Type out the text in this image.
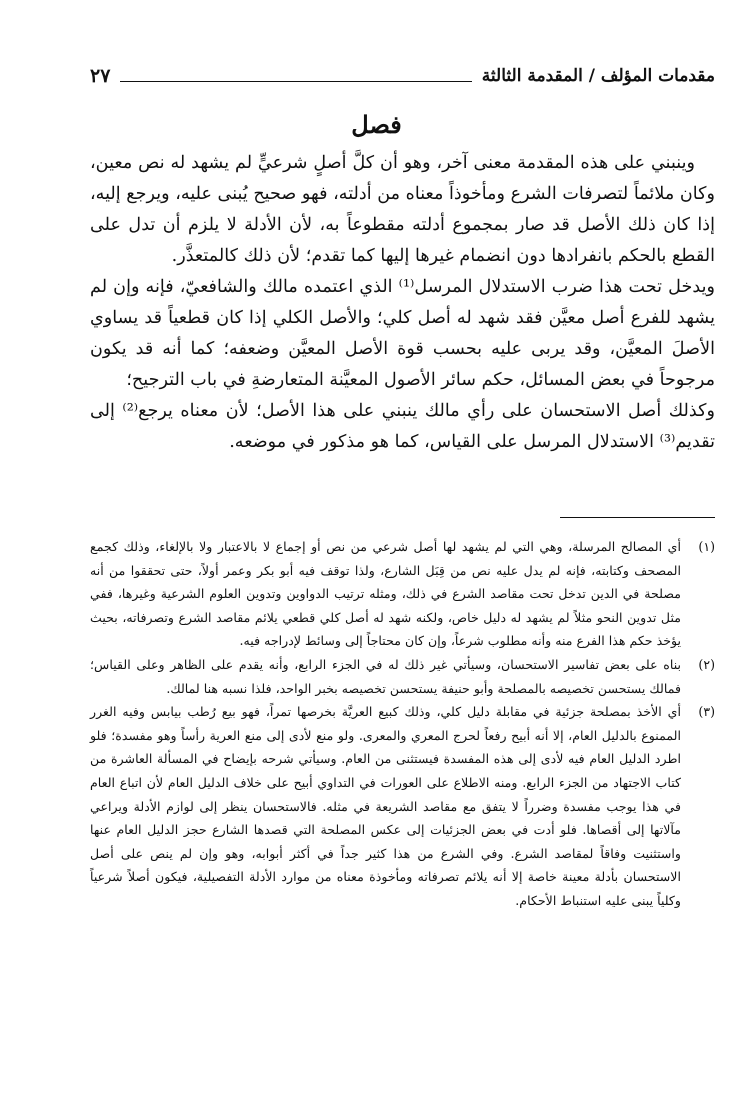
مقدمات المؤلف / المقدمة الثالثة
٢٧
فصل

وينبني على هذه المقدمة معنى آخر، وهو أن كلَّ أصلٍ شرعيٍّ لم يشهد له نص معين، وكان ملائماً لتصرفات الشرع ومأخوذاً معناه من أدلته، فهو صحيح يُبنى عليه، ويرجع إليه، إذا كان ذلك الأصل قد صار بمجموع أدلته مقطوعاً به، لأن الأدلة لا يلزم أن تدل على القطع بالحكم بانفرادها دون انضمام غيرها إليها كما تقدم؛ لأن ذلك كالمتعذَّر.

ويدخل تحت هذا ضرب الاستدلال المرسل⁽¹⁾ الذي اعتمده مالك والشافعيّ، فإنه وإن لم يشهد للفرع أصل معيَّن فقد شهد له أصل كلي؛ والأصل الكلي إذا كان قطعياً قد يساوي الأصلَ المعيَّن، وقد يربى عليه بحسب قوة الأصل المعيَّن وضعفه؛ كما أنه قد يكون مرجوحاً في بعض المسائل، حكم سائر الأصول المعيَّنة المتعارضةِ في باب الترجيح؛

وكذلك أصل الاستحسان على رأي مالك ينبني على هذا الأصل؛ لأن معناه يرجع⁽²⁾ إلى تقديم⁽³⁾ الاستدلال المرسل على القياس، كما هو مذكور في موضعه.

(١)
أي المصالح المرسلة، وهي التي لم يشهد لها أصل شرعي من نص أو إجماع لا بالاعتبار ولا بالإلغاء، وذلك كجمع المصحف وكتابته، فإنه لم يدل عليه نص من قِبَل الشارع، ولذا توقف فيه أبو بكر وعمر أولاً، حتى تحققوا من أنه مصلحة في الدين تدخل تحت مقاصد الشرع في ذلك، ومثله ترتيب الدواوين وتدوين العلوم الشرعية وغيرها، ففي مثل تدوين النحو مثلاً لم يشهد له دليل خاص، ولكنه شهد له أصل كلي قطعي يلائم مقاصد الشرع وتصرفاته، بحيث يؤخذ حكم هذا الفرع منه وأنه مطلوب شرعاً، وإن كان محتاجاً إلى وسائط لإدراجه فيه.
(٢)
بناه على بعض تفاسير الاستحسان، وسيأتي غير ذلك له في الجزء الرابع، وأنه يقدم على الظاهر وعلى القياس؛ فمالك يستحسن تخصيصه بالمصلحة وأبو حنيفة يستحسن تخصيصه بخبر الواحد، فلذا نسبه هنا لمالك.
(٣)
أي الأخذ بمصلحة جزئية في مقابلة دليل كلي، وذلك كبيع العريَّة بخرصها تمراً، فهو بيع رُطب بيابس وفيه الغرر الممنوع بالدليل العام، إلا أنه أبيح رفعاً لحرج المعري والمعرى. ولو منع لأدى إلى منع العرية رأساً وهو مفسدة؛ فلو اطرد الدليل العام فيه لأدى إلى هذه المفسدة فيستثنى من العام. وسيأتي شرحه بإيضاح في المسألة العاشرة من كتاب الاجتهاد من الجزء الرابع. ومنه الاطلاع على العورات في التداوي أبيح على خلاف الدليل العام لأن اتباع العام في هذا يوجب مفسدة وضرراً لا يتفق مع مقاصد الشريعة في مثله. فالاستحسان ينظر إلى لوازم الأدلة ويراعي مآلاتها إلى أقصاها. فلو أدت في بعض الجزئيات إلى عكس المصلحة التي قصدها الشارع حجز الدليل العام عنها واستثنيت وفاقاً لمقاصد الشرع. وفي الشرع من هذا كثير جداً في أكثر أبوابه، وهو وإن لم ينص على أصل الاستحسان بأدلة معينة خاصة إلا أنه يلائم تصرفاته ومأخوذة معناه من موارد الأدلة التفصيلية، فيكون أصلاً شرعياً وكلياً يبنى عليه استنباط الأحكام.
